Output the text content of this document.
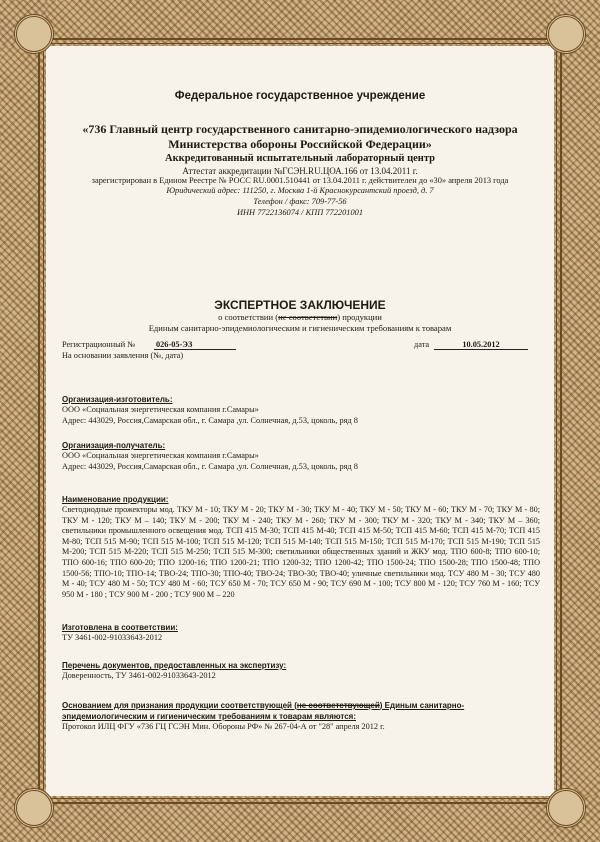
Федеральное государственное учреждение
«736 Главный центр государственного санитарно-эпидемиологического надзора Министерства обороны Российской Федерации»
Аккредитованный испытательный лабораторный центр
Аттестат аккредитации №ГСЭН.RU.ЦОА.166 от 13.04.2011 г.
зарегистрирован в Едином Реестре № РОСС RU.0001.510441 от 13.04.2011 г. действителен до «30» апреля 2013 года
Юридический адрес: 111250, г. Москва 1-й Краснокурсантский проезд, д. 7
Телефон / факс: 709-77-56
ИНН 7722136074 / КПП 772201001
ЭКСПЕРТНОЕ ЗАКЛЮЧЕНИЕ
о соответствии (не соответствии) продукции
Единым санитарно-эпидемиологическим и гигиеническим требованиям к товарам
Регистрационный №	026-05-ЭЗ	дата	10.05.2012
На основании заявления (№, дата)
Организация-изготовитель:
ООО «Социальная энергетическая компания г.Самары»
Адрес: 443029, Россия,Самарская обл., г. Самара ,ул. Солнечная, д.53, цоколь, ряд 8
Организация-получатель:
ООО «Социальная энергетическая компания г.Самары»
Адрес: 443029, Россия,Самарская обл., г. Самара ,ул. Солнечная, д.53, цоколь, ряд 8
Наименование продукции:
Светодиодные прожекторы мод. ТКУ М - 10; ТКУ М - 20; ТКУ М - 30; ТКУ М - 40; ТКУ М - 50; ТКУ М - 60; ТКУ М - 70; ТКУ М - 80; ТКУ М - 120; ТКУ М – 140; ТКУ М - 200; ТКУ М - 240; ТКУ М - 260; ТКУ М - 300; ТКУ М - 320; ТКУ М - 340; ТКУ М – 360; светильники промышленного освещения мод. ТСП 415 М-30; ТСП 415 М-40; ТСП 415 М-50; ТСП 415 М-60; ТСП 415 М-70; ТСП 415 М-80; ТСП 515 М-90; ТСП 515 М-100; ТСП 515 М-120; ТСП 515 М-140; ТСП 515 М-150; ТСП 515 М-170; ТСП 515 М-190; ТСП 515 М-200; ТСП 515 М-220; ТСП 515 М-250; ТСП 515 М-300; светильники общественных зданий и ЖКУ мод. ТПО 600-8; ТПО 600-10; ТПО 600-16; ТПО 600-20; ТПО 1200-16; ТПО 1200-21; ТПО 1200-32; ТПО 1200-42; ТПО 1500-24; ТПО 1500-28; ТПО 1500-48; ТПО 1500-56; ТПО-10; ТПО-14; ТВО-24; ТПО-30; ТПО-40; ТВО-24; ТВО-30; ТВО-40; уличные светильники мод. ТСУ 480 М - 30; ТСУ 480 М - 40; ТСУ 480 М - 50; ТСУ 480 М - 60; ТСУ 650 М - 70; ТСУ 650 М - 90; ТСУ 690 М - 100; ТСУ 800 М - 120; ТСУ 760 М - 160; ТСУ 950 М - 180 ; ТСУ 900 М - 200 ; ТСУ 900 М – 220
Изготовлена в соответствии:
ТУ 3461-002-91033643-2012
Перечень документов, предоставленных на экспертизу:
Доверенность, ТУ 3461-002-91033643-2012
Основанием для признания продукции соответствующей (не соответствующей) Единым санитарно-эпидемиологическим и гигиеническим требованиям к товарам являются:
Протокол ИЛЦ ФГУ «736 ГЦ ГСЭН Мин. Обороны РФ» № 267-04-А от "28" апреля 2012 г.
